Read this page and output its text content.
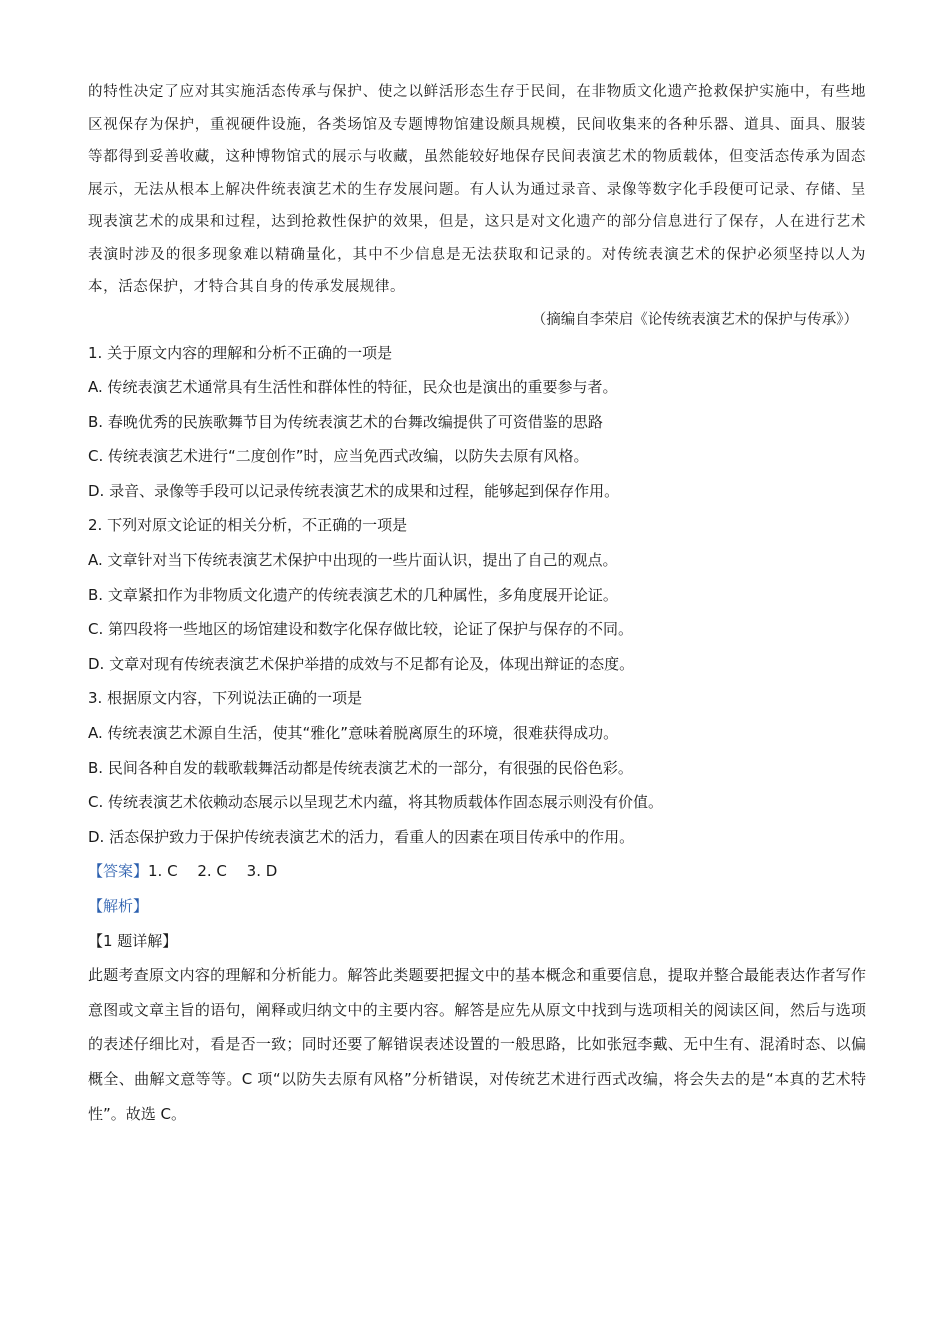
的特性决定了应对其实施活态传承与保护、使之以鲜活形态生存于民间，在非物质文化遗产抢救保护实施中，有些地区视保存为保护，重视硬件设施，各类场馆及专题博物馆建设颇具规模，民间收集来的各种乐器、道具、面具、服装等都得到妥善收藏，这种博物馆式的展示与收藏，虽然能较好地保存民间表演艺术的物质载体，但变活态传承为固态展示，无法从根本上解决件统表演艺术的生存发展问题。有人认为通过录音、录像等数字化手段便可记录、存储、呈现表演艺术的成果和过程，达到抢救性保护的效果，但是，这只是对文化遗产的部分信息进行了保存，人在进行艺术表演时涉及的很多现象难以精确量化，其中不少信息是无法获取和记录的。对传统表演艺术的保护必须坚持以人为本，活态保护，才特合其自身的传承发展规律。

（摘编自李荣启《论传统表演艺术的保护与传承》）

1. 关于原文内容的理解和分析不正确的一项是

A. 传统表演艺术通常具有生活性和群体性的特征，民众也是演出的重要参与者。

B. 春晚优秀的民族歌舞节目为传统表演艺术的台舞改编提供了可资借鉴的思路

C. 传统表演艺术进行“二度创作”时，应当免西式改编，以防失去原有风格。

D. 录音、录像等手段可以记录传统表演艺术的成果和过程，能够起到保存作用。

2. 下列对原文论证的相关分析，不正确的一项是

A. 文章针对当下传统表演艺术保护中出现的一些片面认识，提出了自己的观点。

B. 文章紧扣作为非物质文化遗产的传统表演艺术的几种属性，多角度展开论证。

C. 第四段将一些地区的场馆建设和数字化保存做比较，论证了保护与保存的不同。

D. 文章对现有传统表演艺术保护举措的成效与不足都有论及，体现出辩证的态度。

3. 根据原文内容，下列说法正确的一项是

A. 传统表演艺术源自生活，使其“雅化”意味着脱离原生的环境，很难获得成功。

B. 民间各种自发的载歌载舞活动都是传统表演艺术的一部分，有很强的民俗色彩。

C. 传统表演艺术依赖动态展示以呈现艺术内蕴，将其物质载体作固态展示则没有价值。

D. 活态保护致力于保护传统表演艺术的活力，看重人的因素在项目传承中的作用。

【答案】1. C　 2. C　 3. D

【解析】

【1 题详解】

此题考查原文内容的理解和分析能力。解答此类题要把握文中的基本概念和重要信息，提取并整合最能表达作者写作意图或文章主旨的语句，阐释或归纳文中的主要内容。解答是应先从原文中找到与选项相关的阅读区间，然后与选项的表述仔细比对，看是否一致；同时还要了解错误表述设置的一般思路，比如张冠李戴、无中生有、混淆时态、以偏概全、曲解文意等等。C 项“以防失去原有风格”分析错误，对传统艺术进行西式改编，将会失去的是“本真的艺术特性”。故选 C。
